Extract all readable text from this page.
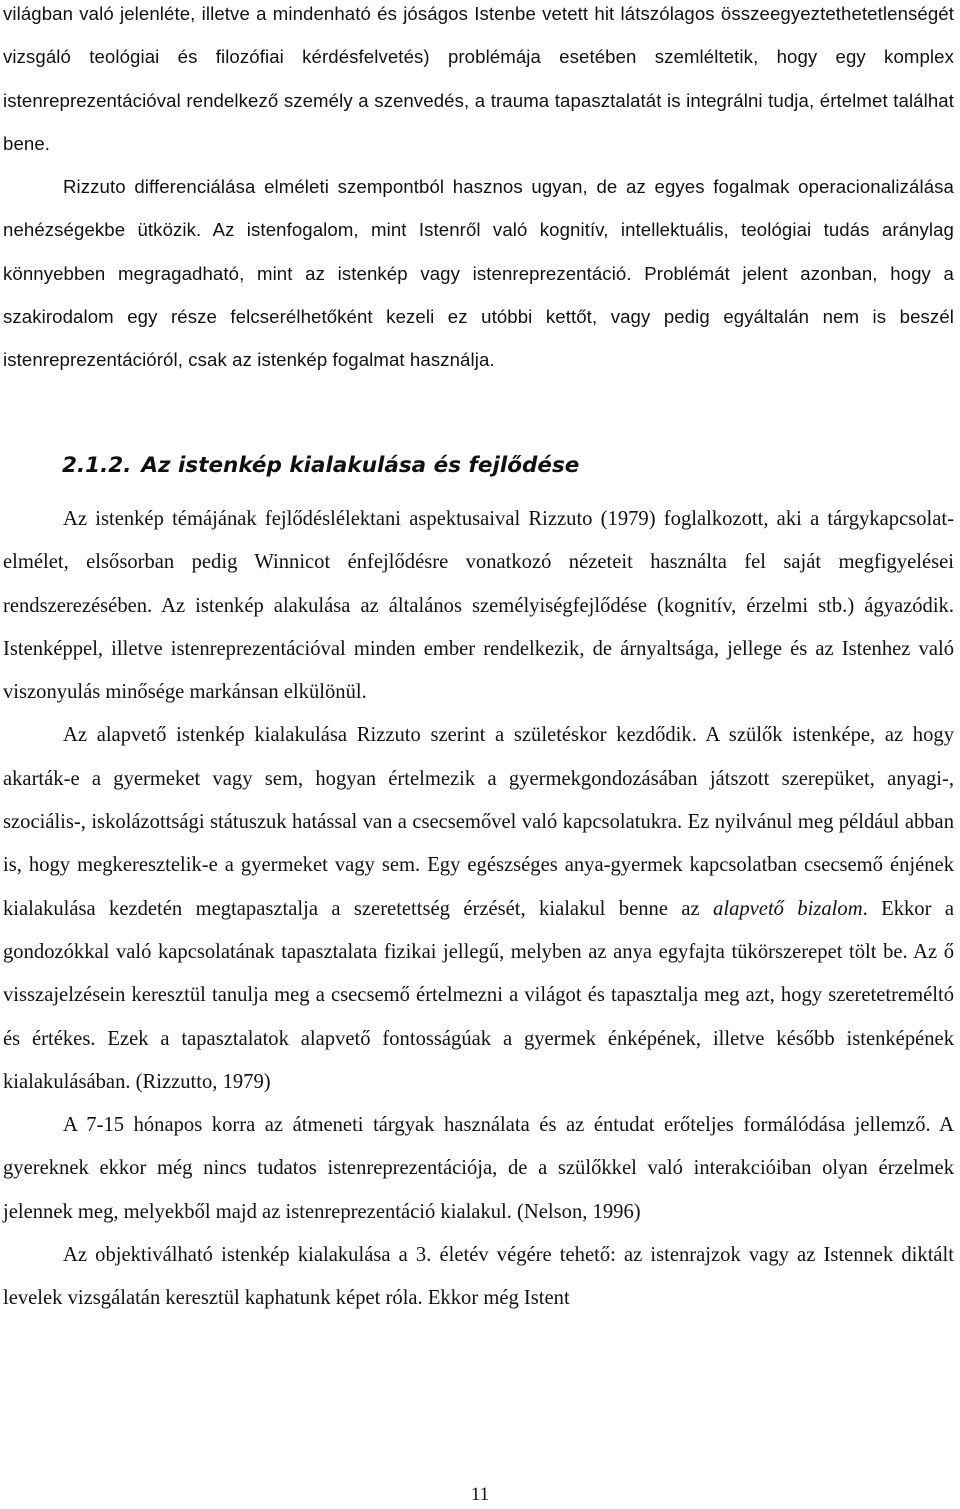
világban való jelenléte, illetve a mindenható és jóságos Istenbe vetett hit látszólagos összeegyeztethetetlenségét vizsgáló teológiai és filozófiai kérdésfelvetés) problémája esetében szemléltetik, hogy egy komplex istenreprezentációval rendelkező személy a szenvedés, a trauma tapasztalatát is integrálni tudja, értelmet találhat bene.

Rizzuto differenciálása elméleti szempontból hasznos ugyan, de az egyes fogalmak operacionalizálása nehézségekbe ütközik. Az istenfogalom, mint Istenről való kognitív, intellektuális, teológiai tudás aránylag könnyebben megragadható, mint az istenkép vagy istenreprezentáció. Problémát jelent azonban, hogy a szakirodalom egy része felcserélhetőként kezeli ez utóbbi kettőt, vagy pedig egyáltalán nem is beszél istenreprezentációról, csak az istenkép fogalmat használja.

2.1.2. Az istenkép kialakulása és fejlődése

Az istenkép témájának fejlődéslélektani aspektusaival Rizzuto (1979) foglalkozott, aki a tárgykapcsolat-elmélet, elsősorban pedig Winnicot énfejlődésre vonatkozó nézeteit használta fel saját megfigyelései rendszerezésében. Az istenkép alakulása az általános személyiségfejlődése (kognitív, érzelmi stb.) ágyazódik. Istenképpel, illetve istenreprezentációval minden ember rendelkezik, de árnyaltsága, jellege és az Istenhez való viszonyulás minősége markánsan elkülönül.

Az alapvető istenkép kialakulása Rizzuto szerint a születéskor kezdődik. A szülők istenképe, az hogy akarták-e a gyermeket vagy sem, hogyan értelmezik a gyermekgondozásában játszott szerepüket, anyagi-, szociális-, iskolázottsági státuszuk hatással van a csecsemővel való kapcsolatukra. Ez nyilvánul meg például abban is, hogy megkeresztelik-e a gyermeket vagy sem. Egy egészséges anya-gyermek kapcsolatban csecsemő énjének kialakulása kezdetén megtapasztalja a szeretettség érzését, kialakul benne az alapvető bizalom. Ekkor a gondozókkal való kapcsolatának tapasztalata fizikai jellegű, melyben az anya egyfajta tükörszerepet tölt be. Az ő visszajelzésein keresztül tanulja meg a csecsemő értelmezni a világot és tapasztalja meg azt, hogy szeretetreméltó és értékes. Ezek a tapasztalatok alapvető fontosságúak a gyermek énképének, illetve később istenképének kialakulásában. (Rizzutto, 1979)

A 7-15 hónapos korra az átmeneti tárgyak használata és az éntudat erőteljes formálódása jellemző. A gyereknek ekkor még nincs tudatos istenreprezentációja, de a szülőkkel való interakcióiban olyan érzelmek jelennek meg, melyekből majd az istenreprezentáció kialakul. (Nelson, 1996)

Az objektiválható istenkép kialakulása a 3. életév végére tehető: az istenrajzok vagy az Istennek diktált levelek vizsgálatán keresztül kaphatunk képet róla. Ekkor még Istent

11
